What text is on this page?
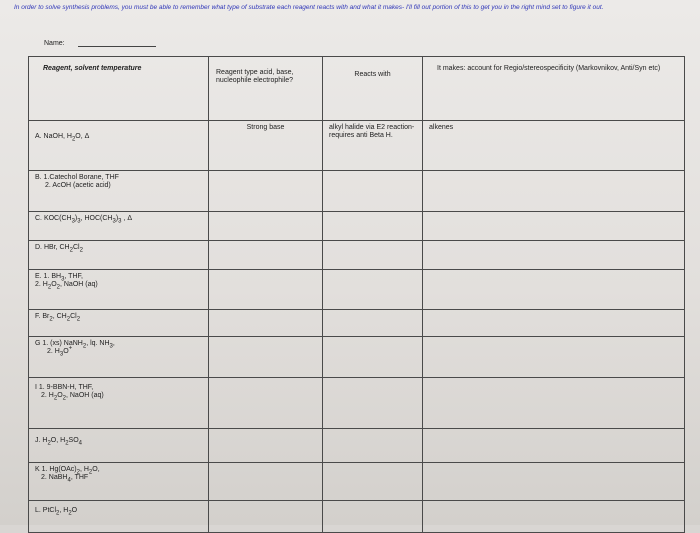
In order to solve synthesis problems, you must be able to remember what type of substrate each reagent reacts with and what it makes- I'll fill out portion of this to get you in the right mind set to figure it out.
Name:
Reagent, solvent temperature	Reagent type acid, base, nucleophile electrophile?	Reacts with	It makes: account for Regio/stereospecificity (Markovnikov, Anti/Syn etc)
A. NaOH, H2O, Δ	Strong base	alkyl halide via E2 reaction- requires anti Beta H.	alkenes

B. 1.Catechol Borane, THF
2. AcOH (acetic acid)			

C. KOC(CH3)3, HOC(CH3)3 , Δ			
D. HBr, CH2Cl2			

E. 1. BH3, THF,
2. H2O2, NaOH (aq)			

F. Br2, CH2Cl2			

G 1. (xs) NaNH2, lq. NH3,
2. H3O+			

I 1. 9-BBN-H, THF,
2. H2O2, NaOH (aq)			

J. H2O, H2SO4			

K 1. Hg(OAc)2, H2O,
2. NaBH4, THF			

L. PtCl2, H2O			
